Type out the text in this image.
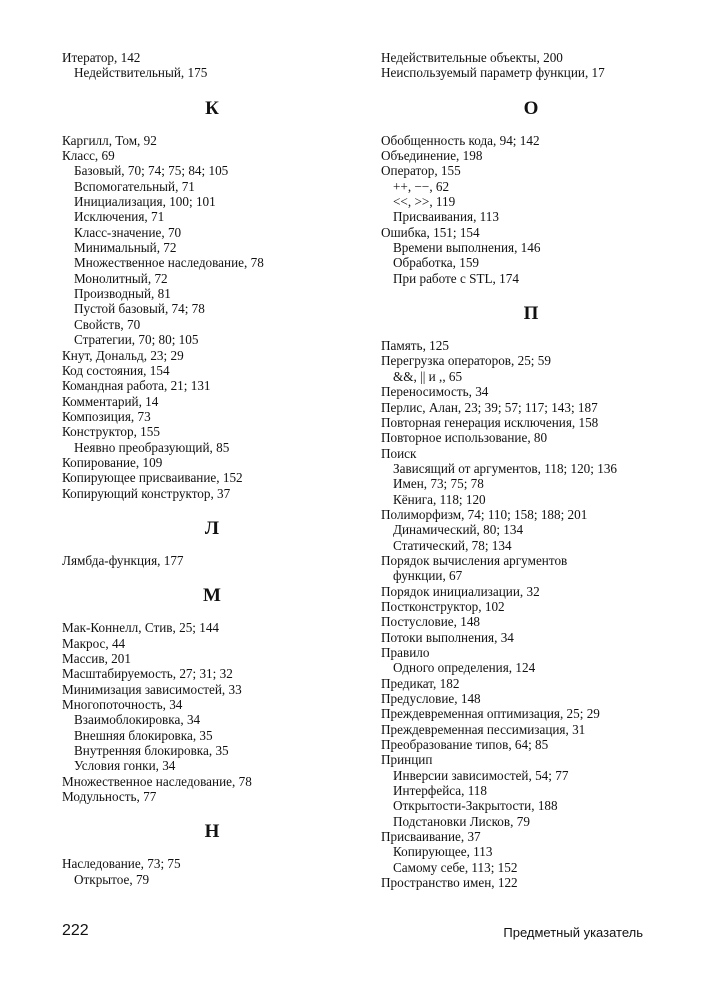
Итератор, 142
Недействительный, 175
К
Каргилл, Том, 92
Класс, 69
Базовый, 70; 74; 75; 84; 105
Вспомогательный, 71
Инициализация, 100; 101
Исключения, 71
Класс-значение, 70
Минимальный, 72
Множественное наследование, 78
Монолитный, 72
Производный, 81
Пустой базовый, 74; 78
Свойств, 70
Стратегии, 70; 80; 105
Кнут, Дональд, 23; 29
Код состояния, 154
Командная работа, 21; 131
Комментарий, 14
Композиция, 73
Конструктор, 155
Неявно преобразующий, 85
Копирование, 109
Копирующее присваивание, 152
Копирующий конструктор, 37
Л
Лямбда-функция, 177
М
Мак-Коннелл, Стив, 25; 144
Макрос, 44
Массив, 201
Масштабируемость, 27; 31; 32
Минимизация зависимостей, 33
Многопоточность, 34
Взаимоблокировка, 34
Внешняя блокировка, 35
Внутренняя блокировка, 35
Условия гонки, 34
Множественное наследование, 78
Модульность, 77
Н
Наследование, 73; 75
Открытое, 79
Недействительные объекты, 200
Неиспользуемый параметр функции, 17
О
Обобщенность кода, 94; 142
Объединение, 198
Оператор, 155
++, −−, 62
<<, >>, 119
Присваивания, 113
Ошибка, 151; 154
Времени выполнения, 146
Обработка, 159
При работе с STL, 174
П
Память, 125
Перегрузка операторов, 25; 59
&&, || и ,, 65
Переносимость, 34
Перлис, Алан, 23; 39; 57; 117; 143; 187
Повторная генерация исключения, 158
Повторное использование, 80
Поиск
Зависящий от аргументов, 118; 120; 136
Имен, 73; 75; 78
Кёнига, 118; 120
Полиморфизм, 74; 110; 158; 188; 201
Динамический, 80; 134
Статический, 78; 134
Порядок вычисления аргументов
функции, 67
Порядок инициализации, 32
Постконструктор, 102
Постусловие, 148
Потоки выполнения, 34
Правило
Одного определения, 124
Предикат, 182
Предусловие, 148
Преждевременная оптимизация, 25; 29
Преждевременная пессимизация, 31
Преобразование типов, 64; 85
Принцип
Инверсии зависимостей, 54; 77
Интерфейса, 118
Открытости-Закрытости, 188
Подстановки Лисков, 79
Присваивание, 37
Копирующее, 113
Самому себе, 113; 152
Пространство имен, 122
222	Предметный указатель
